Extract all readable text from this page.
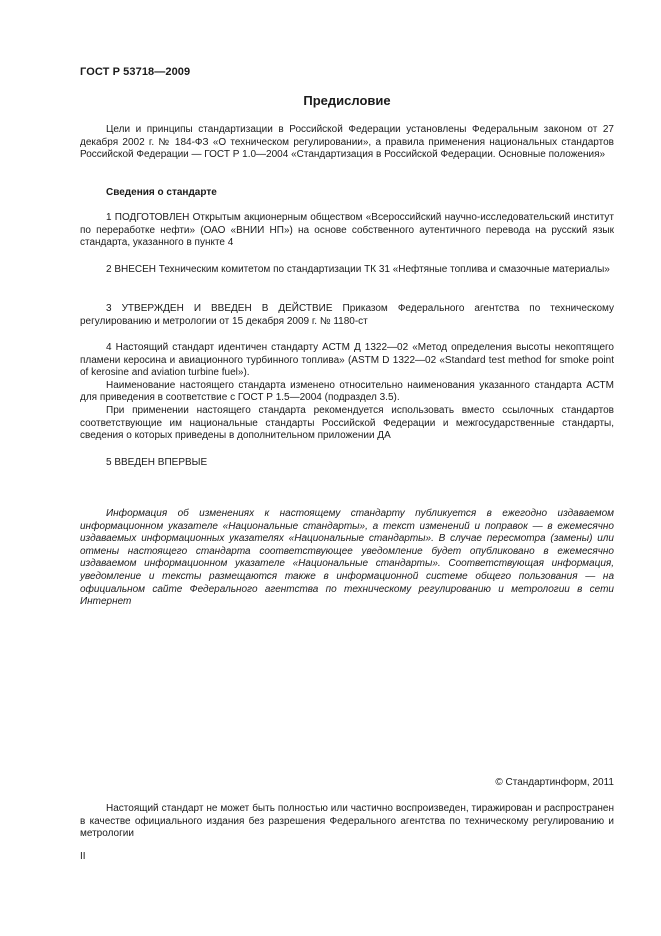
ГОСТ Р 53718—2009
Предисловие

Цели и принципы стандартизации в Российской Федерации установлены Федеральным законом от 27 декабря 2002 г. № 184-ФЗ «О техническом регулировании», а правила применения национальных стандартов Российской Федерации — ГОСТ Р 1.0—2004 «Стандартизация в Российской Федерации. Основные положения»

Сведения о стандарте

1 ПОДГОТОВЛЕН Открытым акционерным обществом «Всероссийский научно-исследовательский институт по переработке нефти» (ОАО «ВНИИ НП») на основе собственного аутентичного перевода на русский язык стандарта, указанного в пункте 4

2 ВНЕСЕН Техническим комитетом по стандартизации ТК 31 «Нефтяные топлива и смазочные материалы»

3 УТВЕРЖДЕН И ВВЕДЕН В ДЕЙСТВИЕ Приказом Федерального агентства по техническому регулированию и метрологии от 15 декабря 2009 г. № 1180-ст

4 Настоящий стандарт идентичен стандарту АСТМ Д 1322—02 «Метод определения высоты некоптящего пламени керосина и авиационного турбинного топлива» (ASTM D 1322—02 «Standard test method for smoke point of kerosine and aviation turbine fuel»).

Наименование настоящего стандарта изменено относительно наименования указанного стандарта АСТМ для приведения в соответствие с ГОСТ Р 1.5—2004 (подраздел 3.5).

При применении настоящего стандарта рекомендуется использовать вместо ссылочных стандартов соответствующие им национальные стандарты Российской Федерации и межгосударственные стандарты, сведения о которых приведены в дополнительном приложении ДА

5 ВВЕДЕН ВПЕРВЫЕ

Информация об изменениях к настоящему стандарту публикуется в ежегодно издаваемом информационном указателе «Национальные стандарты», а текст изменений и поправок — в ежемесячно издаваемых информационных указателях «Национальные стандарты». В случае пересмотра (замены) или отмены настоящего стандарта соответствующее уведомление будет опубликовано в ежемесячно издаваемом информационном указателе «Национальные стандарты». Соответствующая информация, уведомление и тексты размещаются также в информационной системе общего пользования — на официальном сайте Федерального агентства по техническому регулированию и метрологии в сети Интернет

© Стандартинформ, 2011

Настоящий стандарт не может быть полностью или частично воспроизведен, тиражирован и распространен в качестве официального издания без разрешения Федерального агентства по техническому регулированию и метрологии

II
